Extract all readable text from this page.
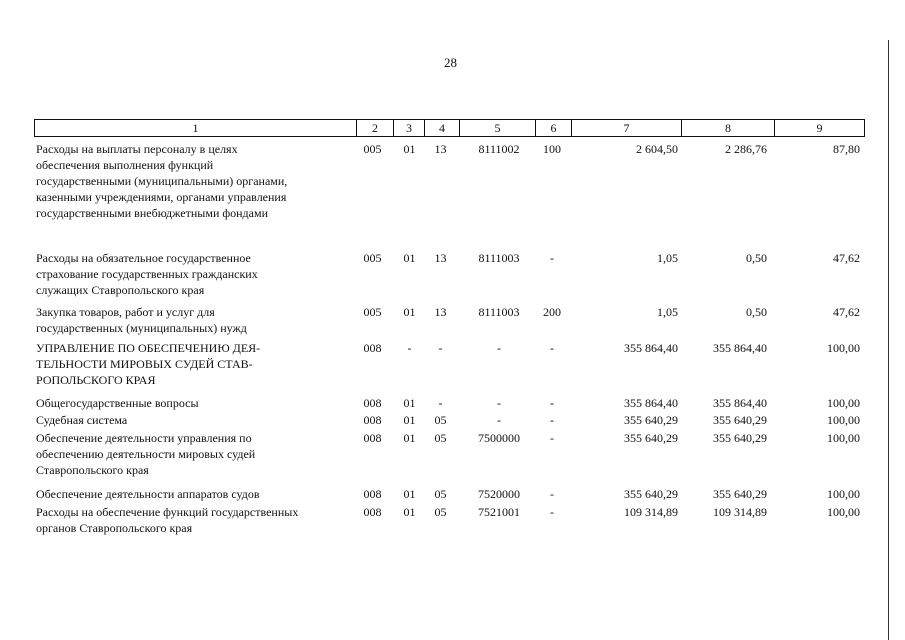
28
1	2	3	4	5	6	7	8	9
Расходы на выплаты персоналу в целях
обеспечения выполнения функций
государственными (муниципальными) органами,
казенными учреждениями, органами управления
государственными внебюджетными фондами
005	01	13	8111002	100	2 604,50	2 286,76	87,80
Расходы на обязательное государственное
страхование государственных гражданских
служащих Ставропольского края
005	01	13	8111003	-	1,05	0,50	47,62
Закупка товаров, работ и услуг для
государственных (муниципальных) нужд
005	01	13	8111003	200	1,05	0,50	47,62
УПРАВЛЕНИЕ ПО ОБЕСПЕЧЕНИЮ ДЕЯ-
ТЕЛЬНОСТИ МИРОВЫХ СУДЕЙ СТАВ-
РОПОЛЬСКОГО КРАЯ
008	-	-	-	-	355 864,40	355 864,40	100,00
Общегосударственные вопросы	008	01	-	-	-	355 864,40	355 864,40	100,00
Судебная система	008	01	05	-	-	355 640,29	355 640,29	100,00
Обеспечение деятельности управления по
обеспечению деятельности мировых судей
Ставропольского края
008	01	05	7500000	-	355 640,29	355 640,29	100,00
Обеспечение деятельности аппаратов судов	008	01	05	7520000	-	355 640,29	355 640,29	100,00
Расходы на обеспечение функций государственных
органов Ставропольского края
008	01	05	7521001	-	109 314,89	109 314,89	100,00
